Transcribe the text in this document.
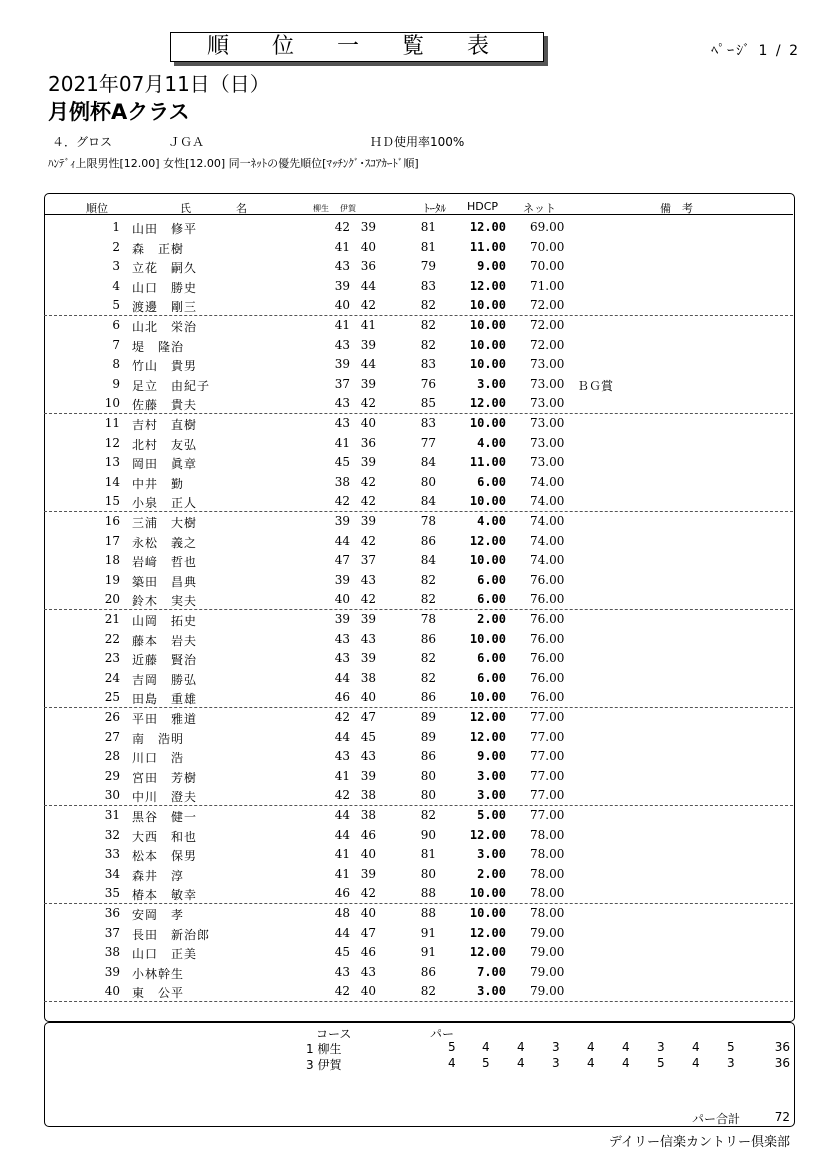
順 位 一 覧 表	ﾍﾟｰｼﾞ 1 / 2
2021年07月11日（日）
月例杯Aクラス
４．グロス	ＪＧＡ	ＨＤ使用率100%
ﾊﾝﾃﾞｨ上限男性[12.00] 女性[12.00] 同一ﾈｯﾄの優先順位[ﾏｯﾁﾝｸﾞ･ｽｺｱｶｰﾄﾞ順]
順位	氏	名	柳生 伊賀	ﾄｰﾀﾙ HDCP ネット	備　考
1 山田　修平	42 39	81	12.00 69.00
2 森　正樹	41 40	81	11.00 70.00
3 立花　嗣久	43 36	79	9.00 70.00
4 山口　勝史	39 44	83	12.00 71.00
5 渡邊　剛三	40 42	82	10.00 72.00
6 山北　栄治	41 41	82	10.00 72.00
7 堤　隆治	43 39	82	10.00 72.00
8 竹山　貴男	39 44	83	10.00 73.00
9 足立　由紀子	37 39	76	3.00 73.00 ＢＧ賞
10 佐藤　貴夫	43 42	85	12.00 73.00
11 吉村　直樹	43 40	83	10.00 73.00
12 北村　友弘	41 36	77	4.00 73.00
13 岡田　眞章	45 39	84	11.00 73.00
14 中井　勤	38 42	80	6.00 74.00
15 小泉　正人	42 42	84	10.00 74.00
16 三浦　大樹	39 39	78	4.00 74.00
17 永松　義之	44 42	86	12.00 74.00
18 岩﨑　哲也	47 37	84	10.00 74.00
19 築田　昌典	39 43	82	6.00 76.00
20 鈴木　実夫	40 42	82	6.00 76.00
21 山岡　拓史	39 39	78	2.00 76.00
22 藤本　岩夫	43 43	86	10.00 76.00
23 近藤　賢治	43 39	82	6.00 76.00
24 吉岡　勝弘	44 38	82	6.00 76.00
25 田島　重雄	46 40	86	10.00 76.00
26 平田　雅道	42 47	89	12.00 77.00
27 南　浩明	44 45	89	12.00 77.00
28 川口　浩	43 43	86	9.00 77.00
29 宮田　芳樹	41 39	80	3.00 77.00
30 中川　澄夫	42 38	80	3.00 77.00
31 黒谷　健一	44 38	82	5.00 77.00
32 大西　和也	44 46	90	12.00 78.00
33 松本　保男	41 40	81	3.00 78.00
34 森井　淳	41 39	80	2.00 78.00
35 椿本　敏幸	46 42	88	10.00 78.00
36 安岡　孝	48 40	88	10.00 78.00
37 長田　新治郎	44 47	91	12.00 79.00
38 山口　正美	45 46	91	12.00 79.00
39 小林幹生	43 43	86	7.00 79.00
40 東　公平	42 40	82	3.00 79.00
コース	パー
1 柳生	5 4 4 3 4 4 3 4 5	36
3 伊賀	4 5 4 3 4 4 5 4 3	36
パー合計	72
デイリー信楽カントリー倶楽部
